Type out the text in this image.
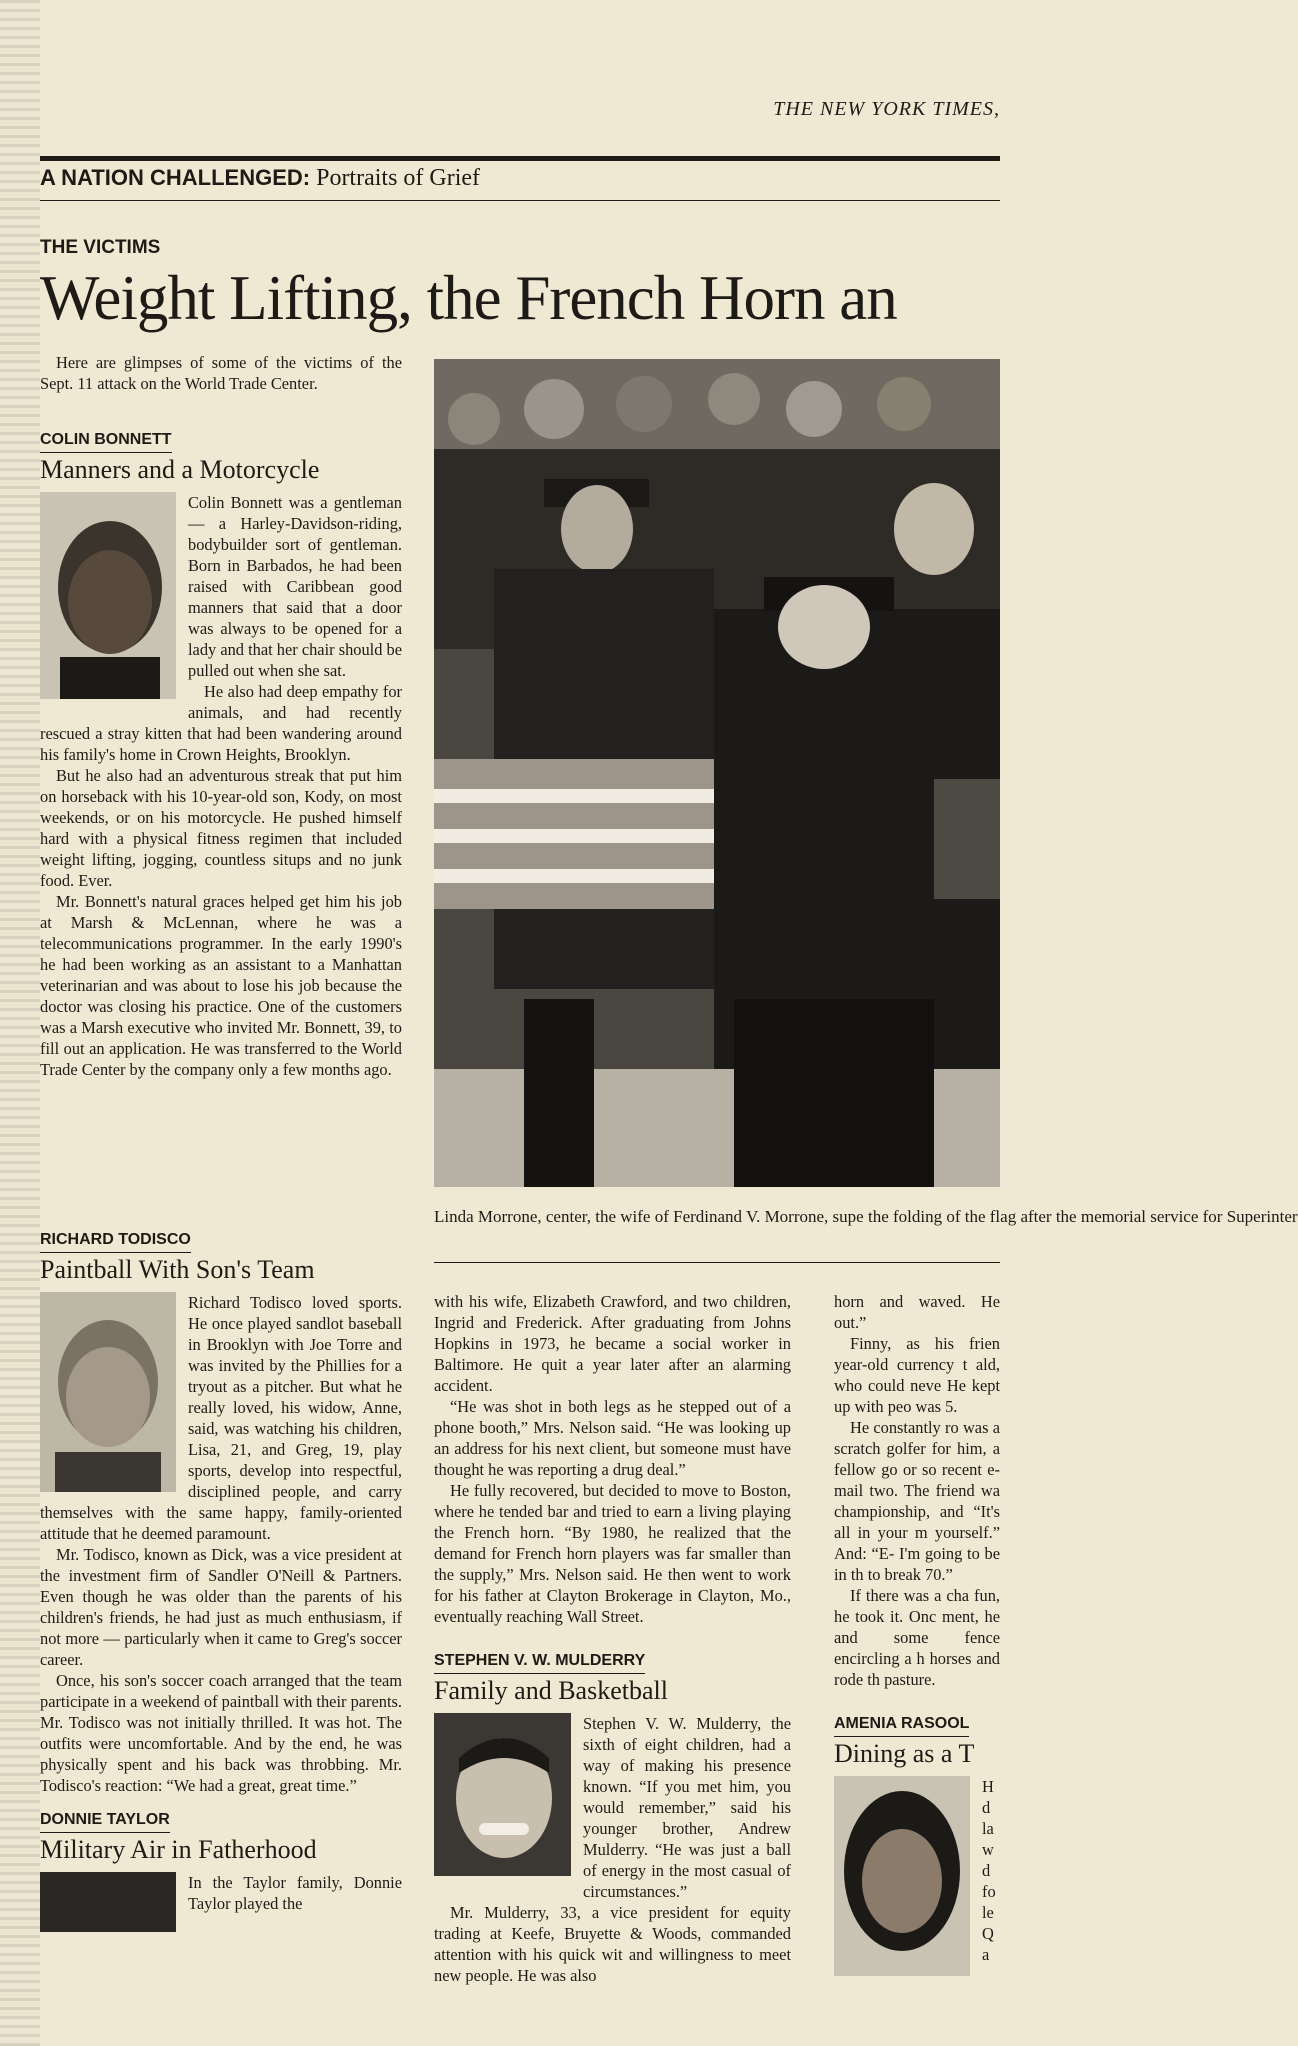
THE NEW YORK TIMES,
A NATION CHALLENGED: Portraits of Grief
THE VICTIMS
Weight Lifting, the French Horn an

Here are glimpses of some of the victims of the Sept. 11 attack on the World Trade Center.

COLIN BONNETT
Manners and a Motorcycle

Colin Bonnett was a gentleman — a Harley-Davidson-riding, bodybuilder sort of gentleman. Born in Barbados, he had been raised with Caribbean good manners that said that a door was always to be opened for a lady and that her chair should be pulled out when she sat.

He also had deep empathy for animals, and had recently rescued a stray kitten that had been wandering around his family's home in Crown Heights, Brooklyn.

But he also had an adventurous streak that put him on horseback with his 10-year-old son, Kody, on most weekends, or on his motorcycle. He pushed himself hard with a physical fitness regimen that included weight lifting, jogging, countless situps and no junk food. Ever.

Mr. Bonnett's natural graces helped get him his job at Marsh & McLennan, where he was a telecommunications programmer. In the early 1990's he had been working as an assistant to a Manhattan veterinarian and was about to lose his job because the doctor was closing his practice. One of the customers was a Marsh executive who invited Mr. Bonnett, 39, to fill out an application. He was transferred to the World Trade Center by the company only a few months ago.

RICHARD TODISCO
Paintball With Son's Team

Richard Todisco loved sports. He once played sandlot baseball in Brooklyn with Joe Torre and was invited by the Phillies for a tryout as a pitcher. But what he really loved, his widow, Anne, said, was watching his children, Lisa, 21, and Greg, 19, play sports, develop into respectful, disciplined people, and carry themselves with the same happy, family-oriented attitude that he deemed paramount.

Mr. Todisco, known as Dick, was a vice president at the investment firm of Sandler O'Neill & Partners. Even though he was older than the parents of his children's friends, he had just as much enthusiasm, if not more — particularly when it came to Greg's soccer career.

Once, his son's soccer coach arranged that the team participate in a weekend of paintball with their parents. Mr. Todisco was not initially thrilled. It was hot. The outfits were uncomfortable. And by the end, he was physically spent and his back was throbbing. Mr. Todisco's reaction: “We had a great, great time.”

DONNIE TAYLOR
Military Air in Fatherhood

In the Taylor family, Donnie Taylor played the

Linda Morrone, center, the wife of Ferdinand V. Morrone, supe the folding of the flag after the memorial service for Superinter

with his wife, Elizabeth Crawford, and two children, Ingrid and Frederick. After graduating from Johns Hopkins in 1973, he became a social worker in Baltimore. He quit a year later after an alarming accident.

“He was shot in both legs as he stepped out of a phone booth,” Mrs. Nelson said. “He was looking up an address for his next client, but someone must have thought he was reporting a drug deal.”

He fully recovered, but decided to move to Boston, where he tended bar and tried to earn a living playing the French horn. “By 1980, he realized that the demand for French horn players was far smaller than the supply,” Mrs. Nelson said. He then went to work for his father at Clayton Brokerage in Clayton, Mo., eventually reaching Wall Street.

STEPHEN V. W. MULDERRY
Family and Basketball

Stephen V. W. Mulderry, the sixth of eight children, had a way of making his presence known. “If you met him, you would remember,” said his younger brother, Andrew Mulderry. “He was just a ball of energy in the most casual of circumstances.”

Mr. Mulderry, 33, a vice president for equity trading at Keefe, Bruyette & Woods, commanded attention with his quick wit and willingness to meet new people. He was also

horn and waved. He out.”

Finny, as his frien year-old currency t ald, who could neve He kept up with peo was 5.

He constantly ro was a scratch golfer for him, a fellow go or so recent e-mail two. The friend wa championship, and “It's all in your m yourself.” And: “E- I'm going to be in th to break 70.”

If there was a cha fun, he took it. Onc ment, he and some fence encircling a h horses and rode th pasture.

AMENIA RASOOL
Dining as a T

H d la w d fo le Q a
